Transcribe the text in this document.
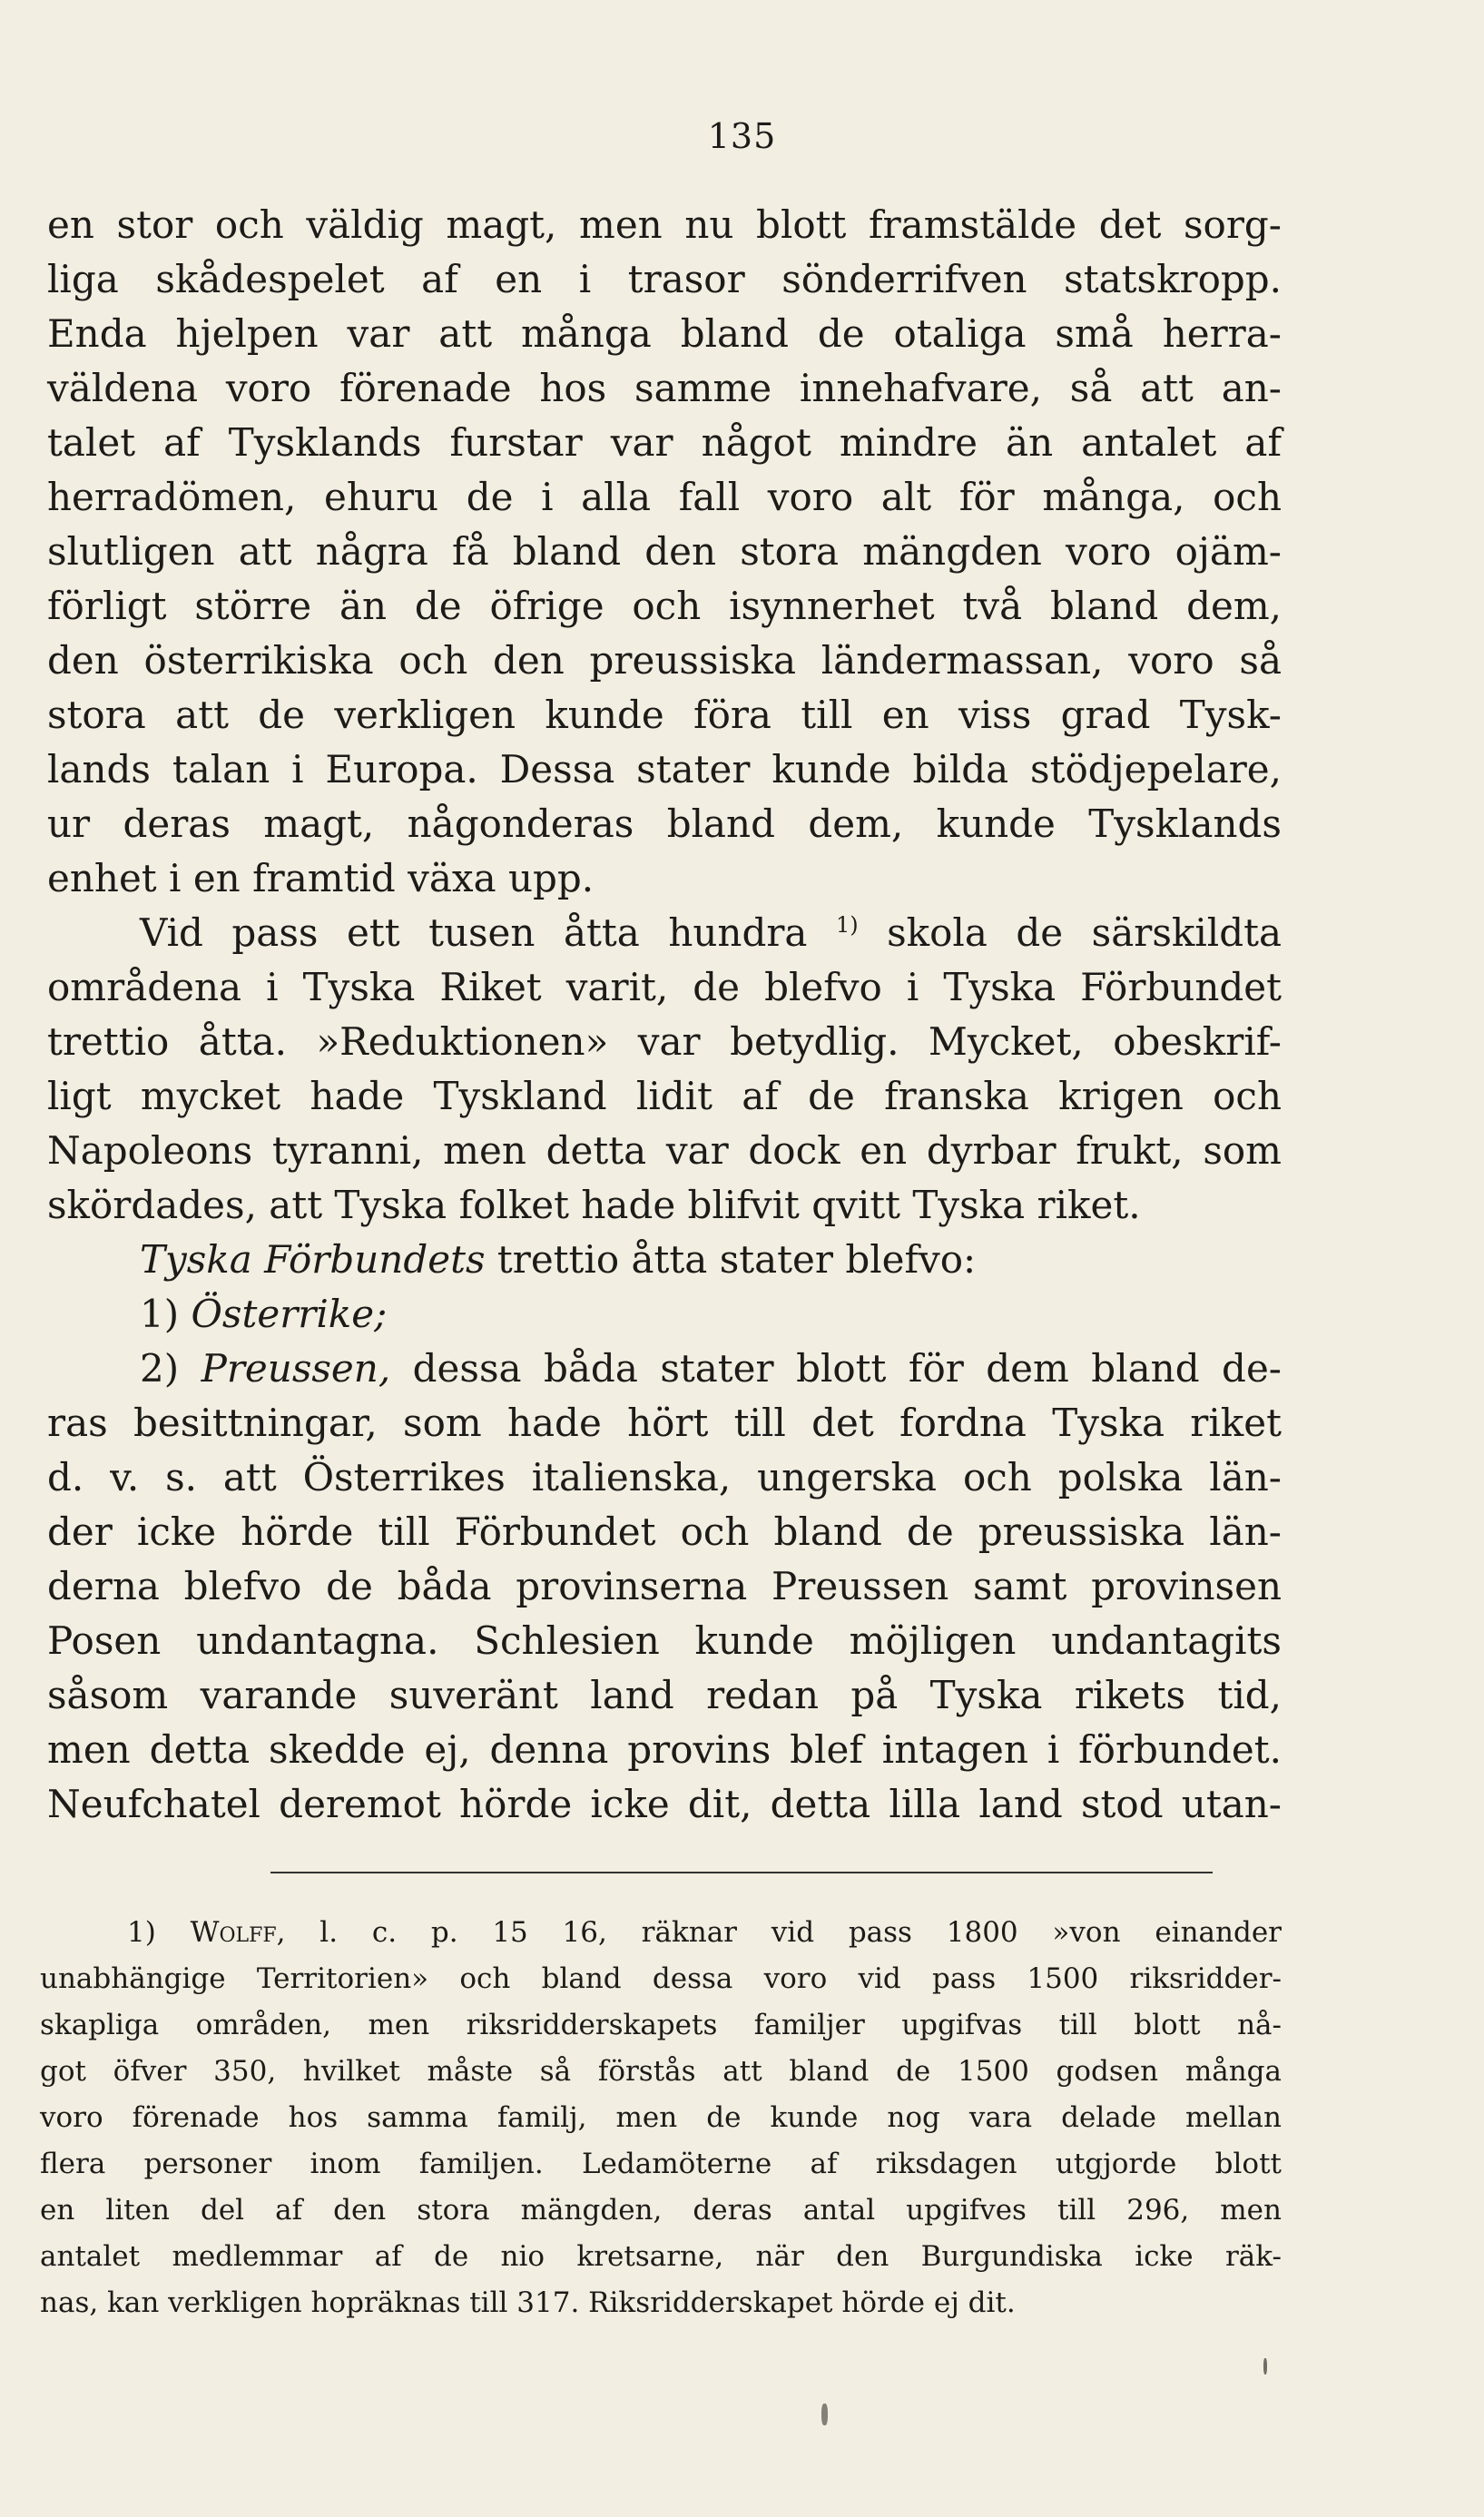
135
en stor och väldig magt, men nu blott framstälde det sorg-
liga skådespelet af en i trasor sönderrifven statskropp.
Enda hjelpen var att många bland de otaliga små herra-
väldena voro förenade hos samme innehafvare, så att an-
talet af Tysklands furstar var något mindre än antalet af
herradömen, ehuru de i alla fall voro alt för många, och
slutligen att några få bland den stora mängden voro ojäm-
förligt större än de öfrige och isynnerhet två bland dem,
den österrikiska och den preussiska ländermassan, voro så
stora att de verkligen kunde föra till en viss grad Tysk-
lands talan i Europa. Dessa stater kunde bilda stödjepelare,
ur deras magt, någonderas bland dem, kunde Tysklands
enhet i en framtid växa upp.
Vid pass ett tusen åtta hundra $^{1)}$ skola de särskildta
områdena i Tyska Riket varit, de blefvo i Tyska Förbundet
trettio åtta. »Reduktionen» var betydlig. Mycket, obeskrif-
ligt mycket hade Tyskland lidit af de franska krigen och
Napoleons tyranni, men detta var dock en dyrbar frukt, som
skördades, att Tyska folket hade blifvit qvitt Tyska riket.
Tyska Förbundets trettio åtta stater blefvo:
1) Österrike;
2) Preussen, dessa båda stater blott för dem bland de-
ras besittningar, som hade hört till det fordna Tyska riket
d. v. s. att Österrikes italienska, ungerska och polska län-
der icke hörde till Förbundet och bland de preussiska län-
derna blefvo de båda provinserna Preussen samt provinsen
Posen undantagna. Schlesien kunde möjligen undantagits
såsom varande suveränt land redan på Tyska rikets tid,
men detta skedde ej, denna provins blef intagen i förbundet.
Neufchatel deremot hörde icke dit, detta lilla land stod utan-
1) Wolff, l. c. p. 15 16, räknar vid pass 1800 »von einander
unabhängige Territorien» och bland dessa voro vid pass 1500 riksridder-
skapliga områden, men riksridderskapets familjer upgifvas till blott nå-
got öfver 350, hvilket måste så förstås att bland de 1500 godsen många
voro förenade hos samma familj, men de kunde nog vara delade mellan
flera personer inom familjen. Ledamöterne af riksdagen utgjorde blott
en liten del af den stora mängden, deras antal upgifves till 296, men
antalet medlemmar af de nio kretsarne, när den Burgundiska icke räk-
nas, kan verkligen hopräknas till 317. Riksridderskapet hörde ej dit.
